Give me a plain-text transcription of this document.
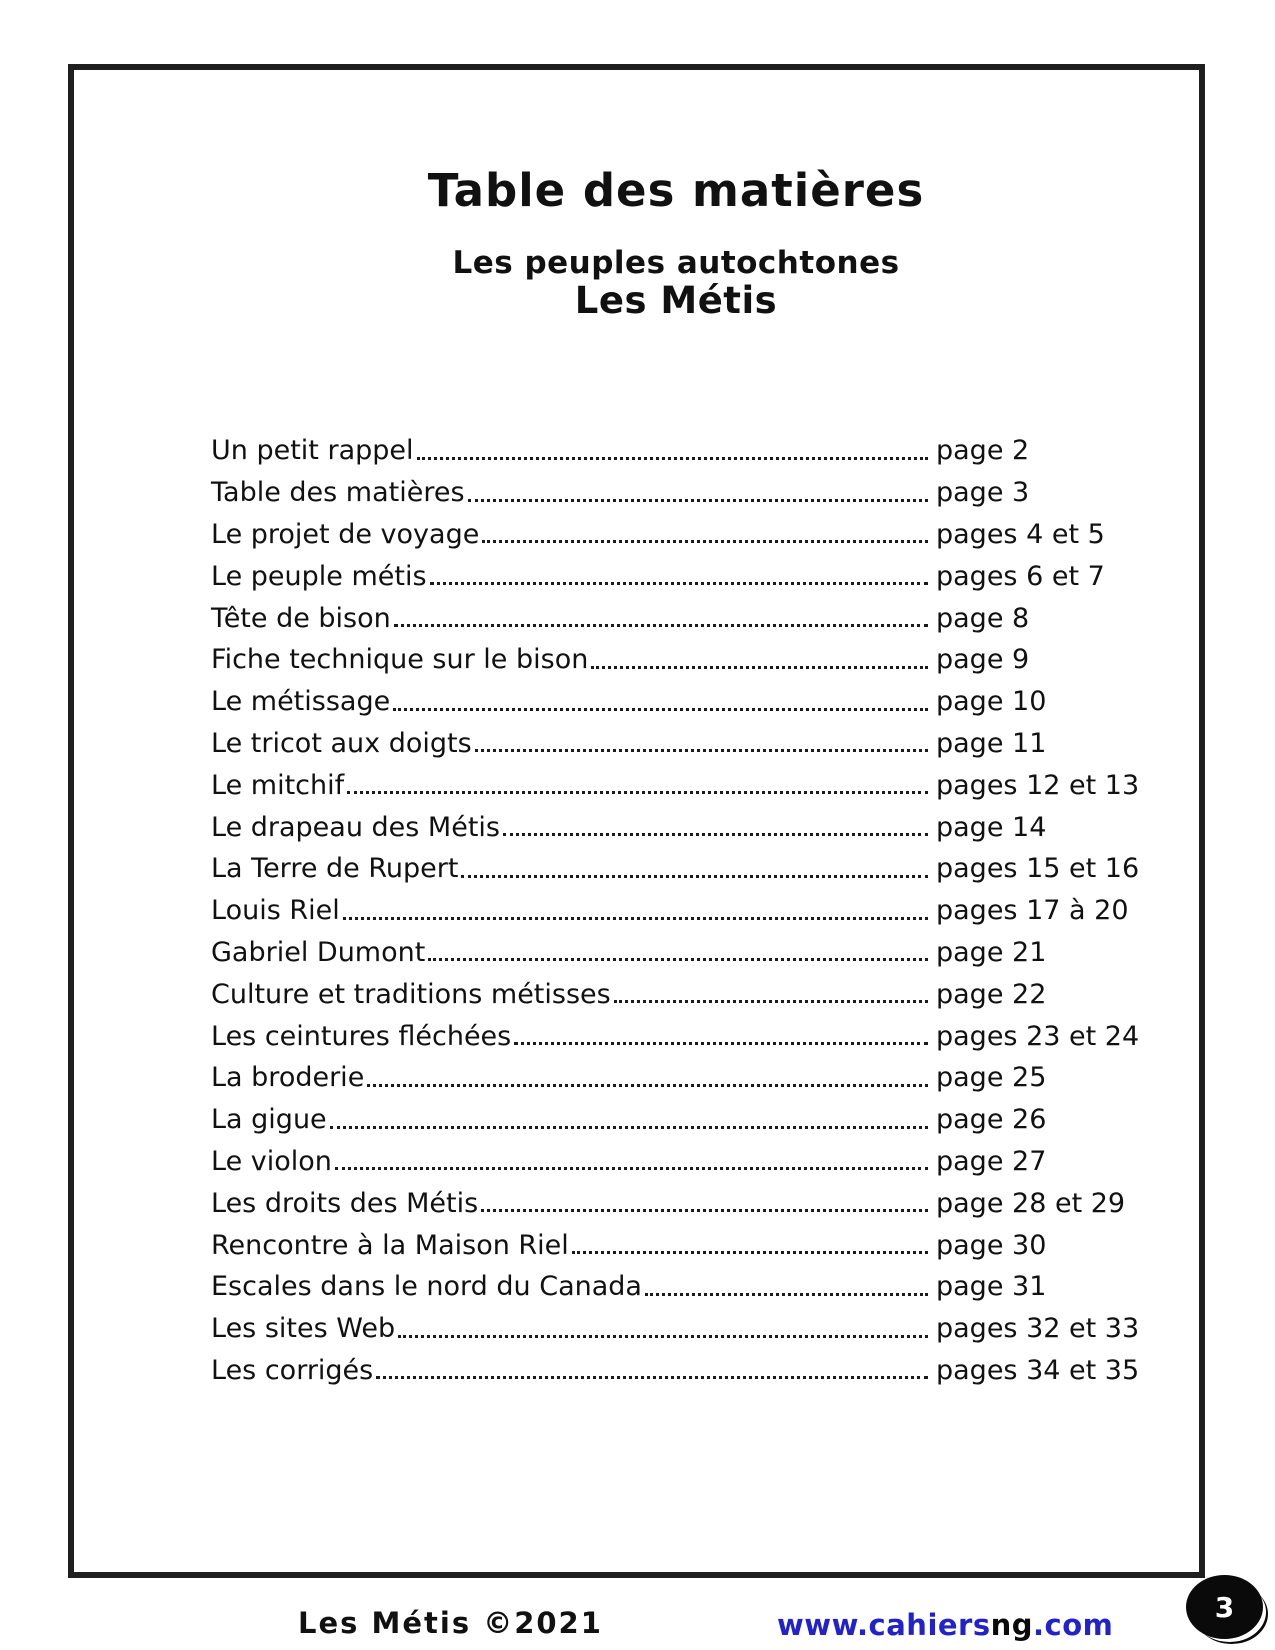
Table des matières
Les peuples autochtones
Les Métis
Un petit rappel	page 2
Table des matières	page 3
Le projet de voyage	pages 4 et 5
Le peuple métis	pages 6 et 7
Tête de bison	page 8
Fiche technique sur le bison	page 9
Le métissage	page 10
Le tricot aux doigts	page 11
Le mitchif	pages 12 et 13
Le drapeau des Métis	page 14
La Terre de Rupert	pages 15 et 16
Louis Riel	pages 17 à 20
Gabriel Dumont	page 21
Culture et traditions métisses	page 22
Les ceintures fléchées	pages 23 et 24
La broderie	page 25
La gigue	page 26
Le violon	page 27
Les droits des Métis	page 28 et 29
Rencontre à la Maison Riel	page 30
Escales dans le nord du Canada	page 31
Les sites Web	pages 32 et 33
Les corrigés	pages 34 et 35
Les Métis ©2021	www.cahiersng.com
3
